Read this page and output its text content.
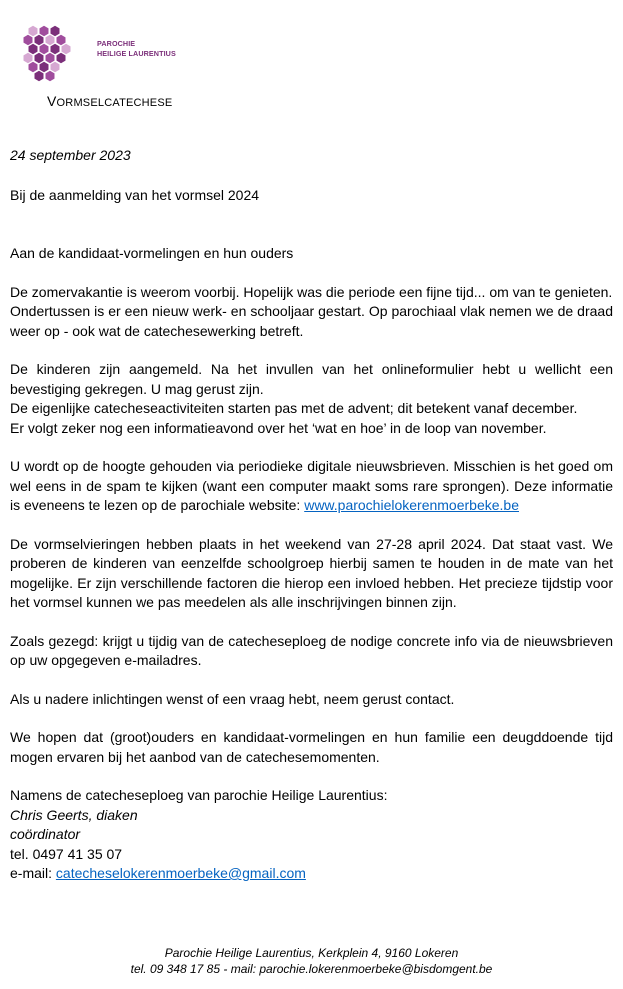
PAROCHIE
HEILIGE LAURENTIUS
VORMSELCATECHESE
24 september 2023
Bij de aanmelding van het vormsel 2024
Aan de kandidaat-vormelingen en hun ouders

De zomervakantie is weerom voorbij. Hopelijk was die periode een fijne tijd... om van te genieten.
Ondertussen is er een nieuw werk- en schooljaar gestart. Op parochiaal vlak nemen we de draad weer op - ook wat de catechesewerking betreft.

De kinderen zijn aangemeld. Na het invullen van het onlineformulier hebt u wellicht een bevestiging gekregen. U mag gerust zijn.
De eigenlijke catecheseactiviteiten starten pas met de advent; dit betekent vanaf december.
Er volgt zeker nog een informatieavond over het ‘wat en hoe’ in de loop van november.

U wordt op de hoogte gehouden via periodieke digitale nieuwsbrieven. Misschien is het goed om wel eens in de spam te kijken (want een computer maakt soms rare sprongen). Deze informatie is eveneens te lezen op de parochiale website: www.parochielokerenmoerbeke.be

De vormselvieringen hebben plaats in het weekend van 27-28 april 2024. Dat staat vast. We proberen de kinderen van eenzelfde schoolgroep hierbij samen te houden in de mate van het mogelijke. Er zijn verschillende factoren die hierop een invloed hebben. Het precieze tijdstip voor het vormsel kunnen we pas meedelen als alle inschrijvingen binnen zijn.

Zoals gezegd: krijgt u tijdig van de catecheseploeg de nodige concrete info via de nieuwsbrieven op uw opgegeven e-mailadres.

Als u nadere inlichtingen wenst of een vraag hebt, neem gerust contact.

We hopen dat (groot)ouders en kandidaat-vormelingen en hun familie een deugddoende tijd mogen ervaren bij het aanbod van de catechesemomenten.

Namens de catecheseploeg van parochie Heilige Laurentius:
Chris Geerts, diaken
coördinator
tel. 0497 41 35 07
e-mail: catecheselokerenmoerbeke@gmail.com
Parochie Heilige Laurentius, Kerkplein 4, 9160 Lokeren
tel. 09 348 17 85 - mail: parochie.lokerenmoerbeke@bisdomgent.be
